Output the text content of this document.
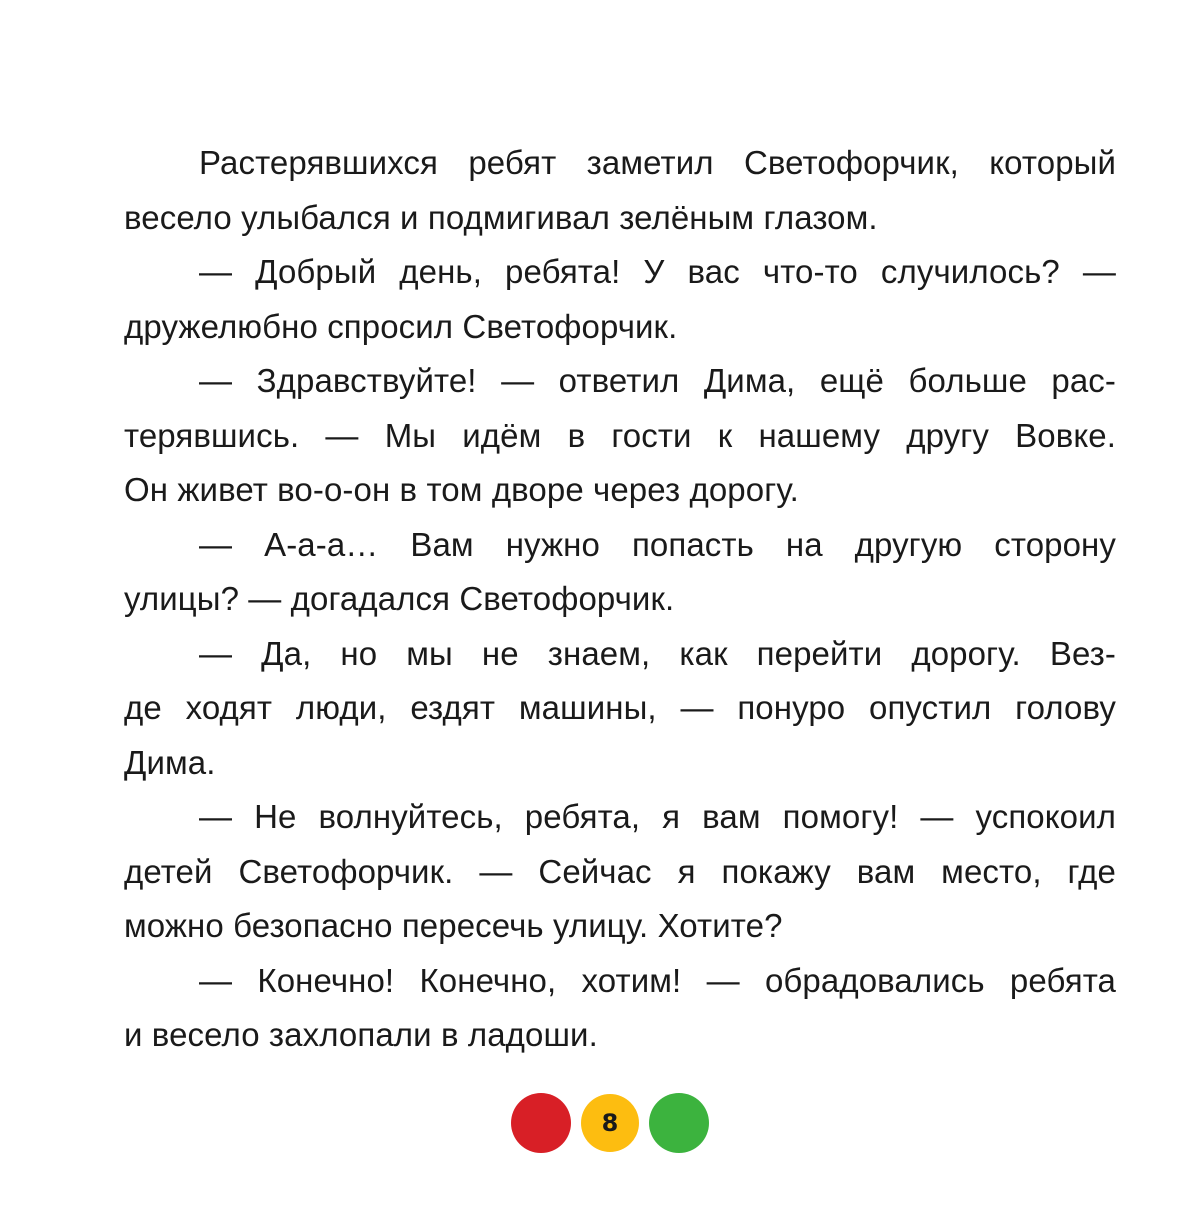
Растерявшихся ребят заметил Светофорчик, который
весело улыбался и подмигивал зелёным глазом.
— Добрый день, ребята! У вас что-то случилось? —
дружелюбно спросил Светофорчик.
— Здравствуйте! — ответил Дима, ещё больше рас-
терявшись. — Мы идём в гости к нашему другу Вовке.
Он живет во-о-он в том дворе через дорогу.
— А-а-а… Вам нужно попасть на другую сторону
улицы? — догадался Светофорчик.
— Да, но мы не знаем, как перейти дорогу. Вез-
де ходят люди, ездят машины, — понуро опустил голову
Дима.
— Не волнуйтесь, ребята, я вам помогу! — успокоил
детей Светофорчик. — Сейчас я покажу вам место, где
можно безопасно пересечь улицу. Хотите?
— Конечно! Конечно, хотим! — обрадовались ребята
и весело захлопали в ладоши.
8
